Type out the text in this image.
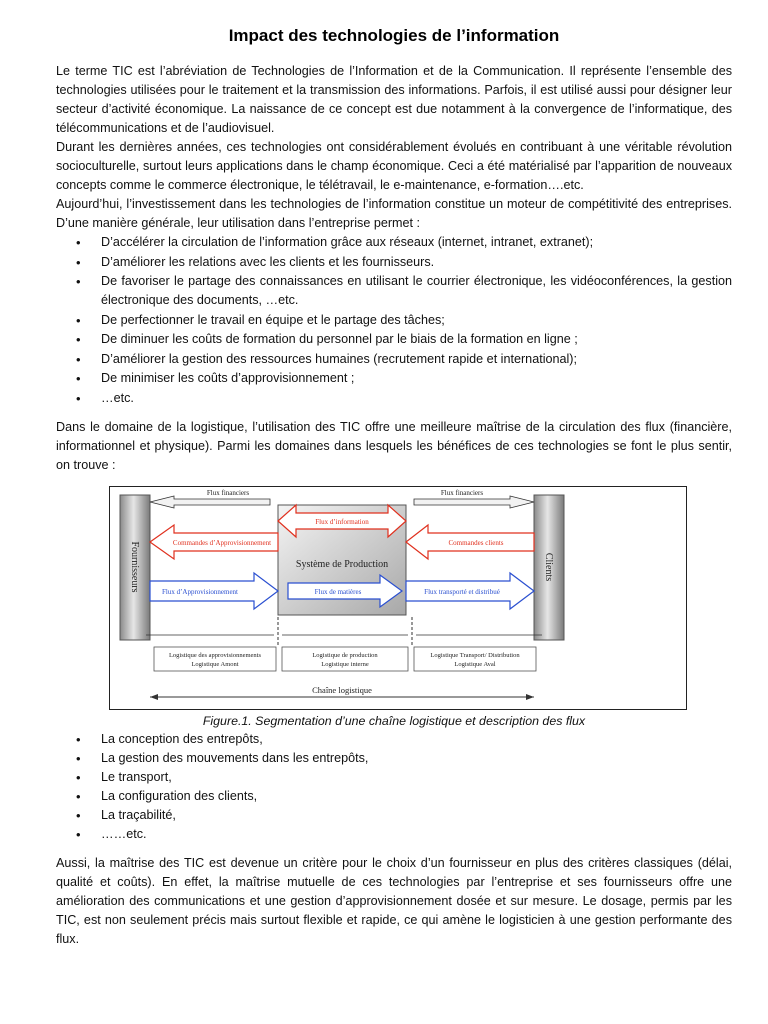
Impact des technologies de l’information

Le terme TIC est l’abréviation de Technologies de l’Information et de la Communication. Il représente l’ensemble des technologies utilisées pour le traitement et la transmission des informations. Parfois, il est utilisé aussi pour désigner leur secteur d’activité économique. La naissance de ce concept est due notamment à la convergence de l’informatique, des télécommunications et de l’audiovisuel.

Durant les dernières années, ces technologies ont considérablement évolués en contribuant à une véritable révolution socioculturelle, surtout leurs applications dans le champ économique. Ceci a été matérialisé par l’apparition de nouveaux concepts comme le commerce électronique, le télétravail, le e-maintenance, e-formation….etc.

Aujourd’hui, l’investissement dans les technologies de l’information constitue un moteur de compétitivité des entreprises. D’une manière générale, leur utilisation dans l’entreprise permet :

• D’accélérer la circulation de l’information grâce aux réseaux (internet, intranet, extranet);
• D’améliorer les relations avec les clients et les fournisseurs.
• De favoriser le partage des connaissances en utilisant le courrier électronique, les vidéoconférences, la gestion électronique des documents, …etc.
• De perfectionner le travail en équipe et le partage des tâches;
• De diminuer les coûts de formation du personnel par le biais de la formation en ligne ;
• D’améliorer la gestion des ressources humaines (recrutement rapide et international);
• De minimiser les coûts d’approvisionnement ;
• …etc.

Dans le domaine de la logistique, l’utilisation des TIC offre une meilleure maîtrise de la circulation des flux (financière, informationnel et physique). Parmi les domaines dans lesquels les bénéfices de ces technologies se font le plus sentir, on trouve :

Système de Production
Fournisseurs	Clients
Flux financiers	Flux financiers
Flux d’information
Commandes d’Approvisionnement	Commandes clients
Flux d’Approvisionnement	Flux de matières	Flux transporté et distribué
Logistique des approvisionnements
Logistique Amont
Logistique de production
Logistique interne
Logistique Transport/ Distribution
Logistique Aval
Chaîne logistique
Figure.1. Segmentation d’une chaîne logistique et description des flux
• La conception des entrepôts,
• La gestion des mouvements dans les entrepôts,
• Le transport,
• La configuration des clients,
• La traçabilité,
• ……etc.

Aussi, la maîtrise des TIC est devenue un critère pour le choix d’un fournisseur en plus des critères classiques (délai, qualité et coûts). En effet, la maîtrise mutuelle de ces technologies par l’entreprise et ses fournisseurs offre une amélioration des communications et une gestion d’approvisionnement dosée et sur mesure. Le dosage, permis par les TIC, est non seulement précis mais surtout flexible et rapide, ce qui amène le logisticien à une gestion performante des flux.
